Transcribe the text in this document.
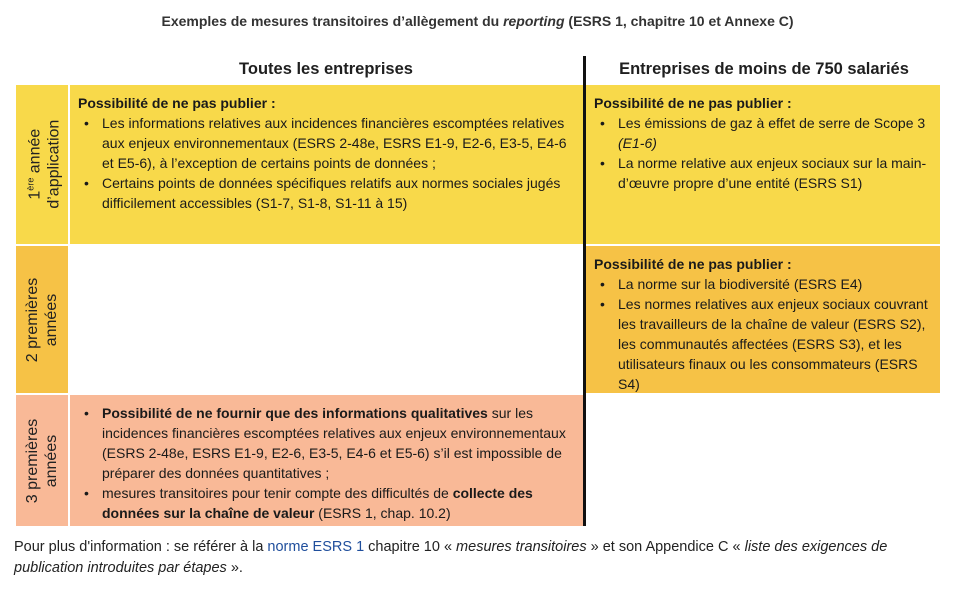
Exemples de mesures transitoires d’allègement du reporting (ESRS 1, chapitre 10 et Annexe C)
Toutes les entreprises	Entreprises de moins de 750 salariés
1ère année d’application
2 premières années
3 premières années
Possibilité de ne pas publier :
• Les informations relatives aux incidences financières escomptées relatives aux enjeux environnementaux (ESRS 2-48e, ESRS E1-9, E2-6, E3-5, E4-6 et E5-6), à l’exception de certains points de données ;
• Certains points de données spécifiques relatifs aux normes sociales jugés difficilement accessibles (S1-7, S1-8, S1-11 à 15)
Possibilité de ne pas publier :
• Les émissions de gaz à effet de serre de Scope 3 (E1-6)
• La norme relative aux enjeux sociaux sur la main-d’œuvre propre d’une entité (ESRS S1)
Possibilité de ne pas publier :
• La norme sur la biodiversité (ESRS E4)
• Les normes relatives aux enjeux sociaux couvrant les travailleurs de la chaîne de valeur (ESRS S2), les communautés affectées (ESRS S3), et les utilisateurs finaux ou les consommateurs (ESRS S4)
• Possibilité de ne fournir que des informations qualitatives sur les incidences financières escomptées relatives aux enjeux environnementaux (ESRS 2-48e, ESRS E1-9, E2-6, E3-5, E4-6 et E5-6) s’il est impossible de préparer des données quantitatives ;
• mesures transitoires pour tenir compte des difficultés de collecte des données sur la chaîne de valeur (ESRS 1, chap. 10.2)
Pour plus d'information : se référer à la norme ESRS 1 chapitre 10 « mesures transitoires » et son Appendice C « liste des exigences de publication introduites par étapes ».
